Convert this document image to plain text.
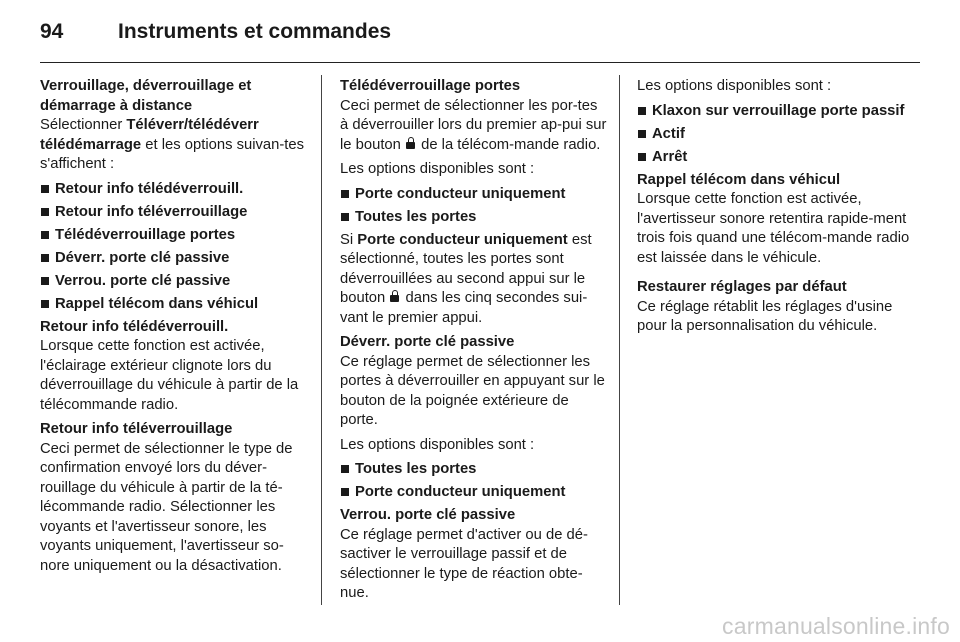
94	Instruments et commandes
Verrouillage, déverrouillage et démarrage à distance

Sélectionner Téléverr/télédéverr télédémarrage et les options suivan-tes s'affichent :

Retour info télédéverrouill.
Retour info téléverrouillage
Télédéverrouillage portes
Déverr. porte clé passive
Verrou. porte clé passive
Rappel télécom dans véhicul
Retour info télédéverrouill.

Lorsque cette fonction est activée, l'éclairage extérieur clignote lors du déverrouillage du véhicule à partir de la télécommande radio.

Retour info téléverrouillage

Ceci permet de sélectionner le type de confirmation envoyé lors du déver-rouillage du véhicule à partir de la té-lécommande radio. Sélectionner les voyants et l'avertisseur sonore, les voyants uniquement, l'avertisseur so-nore uniquement ou la désactivation.

Télédéverrouillage portes

Ceci permet de sélectionner les por-tes à déverrouiller lors du premier ap-pui sur le bouton  de la télécom-mande radio.

Les options disponibles sont :

Porte conducteur uniquement
Toutes les portes

Si Porte conducteur uniquement est sélectionné, toutes les portes sont déverrouillées au second appui sur le bouton  dans les cinq secondes sui-vant le premier appui.

Déverr. porte clé passive

Ce réglage permet de sélectionner les portes à déverrouiller en appuyant sur le bouton de la poignée extérieure de porte.

Les options disponibles sont :

Toutes les portes
Porte conducteur uniquement
Verrou. porte clé passive

Ce réglage permet d'activer ou de dé-sactiver le verrouillage passif et de sélectionner le type de réaction obte-nue.

Les options disponibles sont :

Klaxon sur verrouillage porte passif
Actif
Arrêt
Rappel télécom dans véhicul

Lorsque cette fonction est activée, l'avertisseur sonore retentira rapide-ment trois fois quand une télécom-mande radio est laissée dans le véhicule.

Restaurer réglages par défaut

Ce réglage rétablit les réglages d'usine pour la personnalisation du véhicule.

carmanualsonline.info
